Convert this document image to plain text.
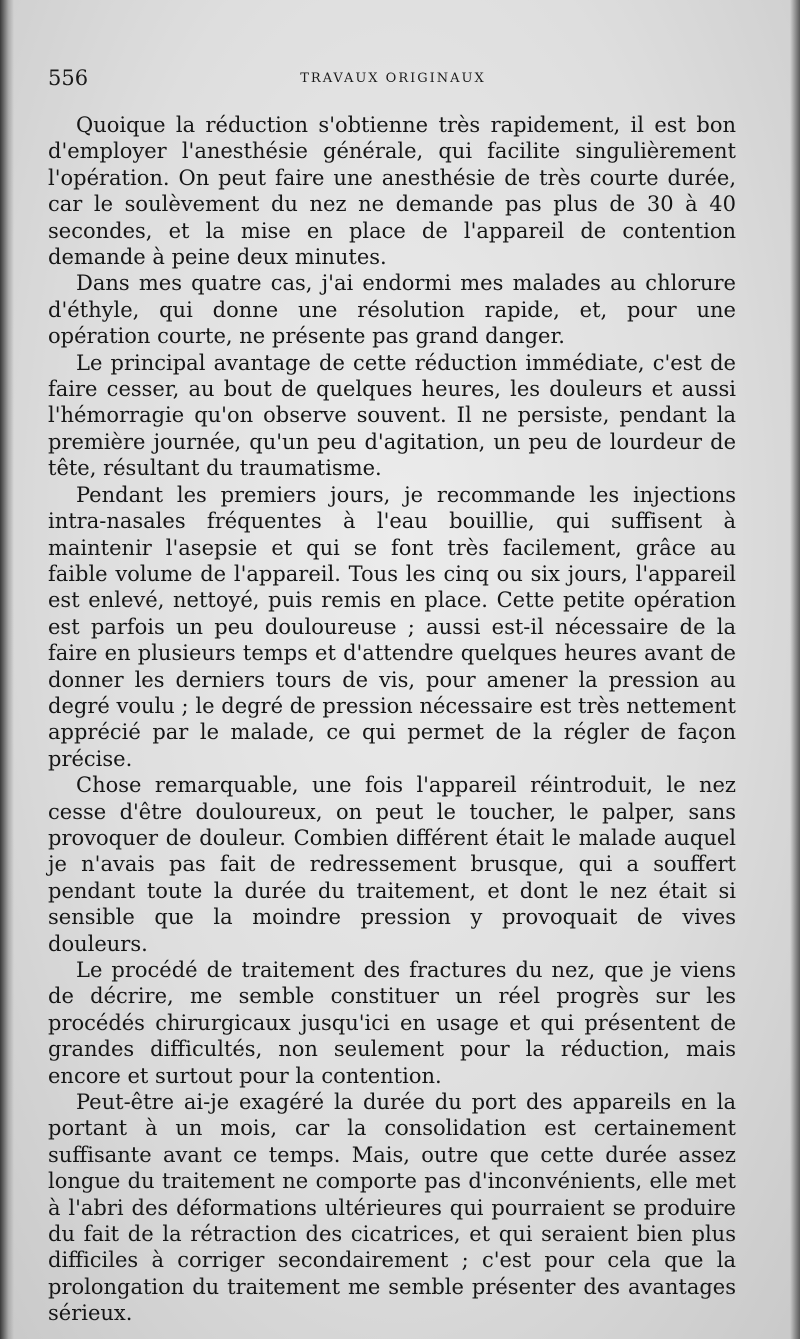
556	TRAVAUX ORIGINAUX

Quoique la réduction s'obtienne très rapidement, il est bon d'employer l'anesthésie générale, qui facilite singulièrement l'opération. On peut faire une anesthésie de très courte durée, car le soulèvement du nez ne demande pas plus de 30 à 40 secondes, et la mise en place de l'appareil de contention demande à peine deux minutes.

Dans mes quatre cas, j'ai endormi mes malades au chlorure d'éthyle, qui donne une résolution rapide, et, pour une opération courte, ne présente pas grand danger.

Le principal avantage de cette réduction immédiate, c'est de faire cesser, au bout de quelques heures, les douleurs et aussi l'hémorragie qu'on observe souvent. Il ne persiste, pendant la première journée, qu'un peu d'agitation, un peu de lourdeur de tête, résultant du traumatisme.

Pendant les premiers jours, je recommande les injections intra-nasales fréquentes à l'eau bouillie, qui suffisent à maintenir l'asepsie et qui se font très facilement, grâce au faible volume de l'appareil. Tous les cinq ou six jours, l'appareil est enlevé, nettoyé, puis remis en place. Cette petite opération est parfois un peu douloureuse ; aussi est-il nécessaire de la faire en plusieurs temps et d'attendre quelques heures avant de donner les derniers tours de vis, pour amener la pression au degré voulu ; le degré de pression nécessaire est très nettement apprécié par le malade, ce qui permet de la régler de façon précise.

Chose remarquable, une fois l'appareil réintroduit, le nez cesse d'être douloureux, on peut le toucher, le palper, sans provoquer de douleur. Combien différent était le malade auquel je n'avais pas fait de redressement brusque, qui a souffert pendant toute la durée du traitement, et dont le nez était si sensible que la moindre pression y provoquait de vives douleurs.

Le procédé de traitement des fractures du nez, que je viens de décrire, me semble constituer un réel progrès sur les procédés chirurgicaux jusqu'ici en usage et qui présentent de grandes difficultés, non seulement pour la réduction, mais encore et surtout pour la contention.

Peut-être ai-je exagéré la durée du port des appareils en la portant à un mois, car la consolidation est certainement suffisante avant ce temps. Mais, outre que cette durée assez longue du traitement ne comporte pas d'inconvénients, elle met à l'abri des déformations ultérieures qui pourraient se produire du fait de la rétraction des cicatrices, et qui seraient bien plus difficiles à corriger secondairement ; c'est pour cela que la prolongation du traitement me semble présenter des avantages sérieux.
